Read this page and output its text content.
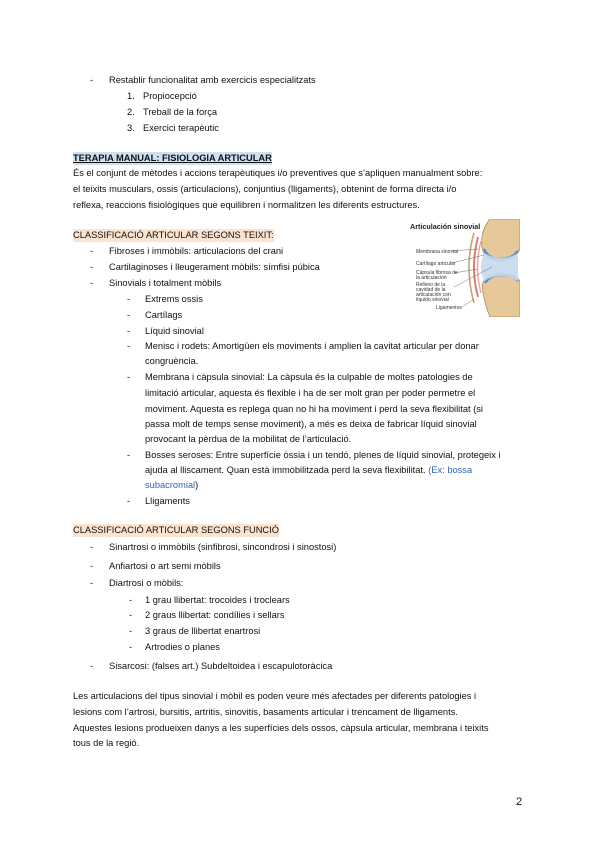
- Restablir funcionalitat amb exercicis especialitzats
1. Propiocepció
2. Treball de la força
3. Exercici terapèutic
TERAPIA MANUAL: FISIOLOGIA ARTICULAR
És el conjunt de mètodes i accions terapèutiques i/o preventives que s’apliquen manualment sobre:
el teixits musculars, ossis (articulacions), conjuntius (lligaments), obtenint de forma directa i/o
reflexa, reaccions fisiològiques que equilibren i normalitzen les diferents estructures.
CLASSIFICACIÓ ARTICULAR SEGONS TEIXIT:
- Fibroses i immòbils: articulacions del crani
- Cartilaginoses i lleugerament mòbils: símfisi púbica
- Sinovials i totalment mòbils
- Extrems ossis
- Cartílags
- Líquid sinovial
- Menisc i rodets: Amortigüen els moviments i amplien la cavitat articular per donar
congruència.
- Membrana i càpsula sinovial: La càpsula és la culpable de moltes patologies de
limitació articular, aquesta és flexible i ha de ser molt gran per poder permetre el
moviment. Aquesta es replega quan no hi ha moviment i perd la seva flexibilitat (si
passa molt de temps sense moviment), a més es deixa de fabricar líquid sinovial
provocant la pèrdua de la mobilitat de l’articulació.
- Bosses seroses: Entre superfície òssia i un tendó, plenes de líquid sinovial, protegeix i
ajuda al lliscament. Quan està immobilitzada perd la seva flexibilitat. (Ex: bossa
subacromial)
- Lligaments
Articulación sinovial
Membrana sinovial
Cartílago articular
Cápsula fibrosa de
la articulación
Relleno de la
cavidad de la
articulación con
líquido sinovial
Ligamentos
CLASSIFICACIÓ ARTICULAR SEGONS FUNCIÓ
- Sinartrosi o immòbils (sinfibrosi, sincondrosi i sinostosi)
- Anfiartosi o art semi mòbils
- Diartrosi o mòbils:
- 1 grau llibertat: trocoides i troclears
- 2 graus llibertat: condílies i sellars
- 3 graus de llibertat enartrosi
- Artrodies o planes
- Sisarcosi: (falses art.) Subdeltoidea i escapulotoràcica
Les articulacions del tipus sinovial i mòbil es poden veure més afectades per diferents patologies i
lesions com l’artrosi, bursitis, artritis, sinovitis, basaments articular i trencament de lligaments.
Aquestes lesions produeixen danys a les superfícies dels ossos, càpsula articular, membrana i teixits
tous de la regió.
2
